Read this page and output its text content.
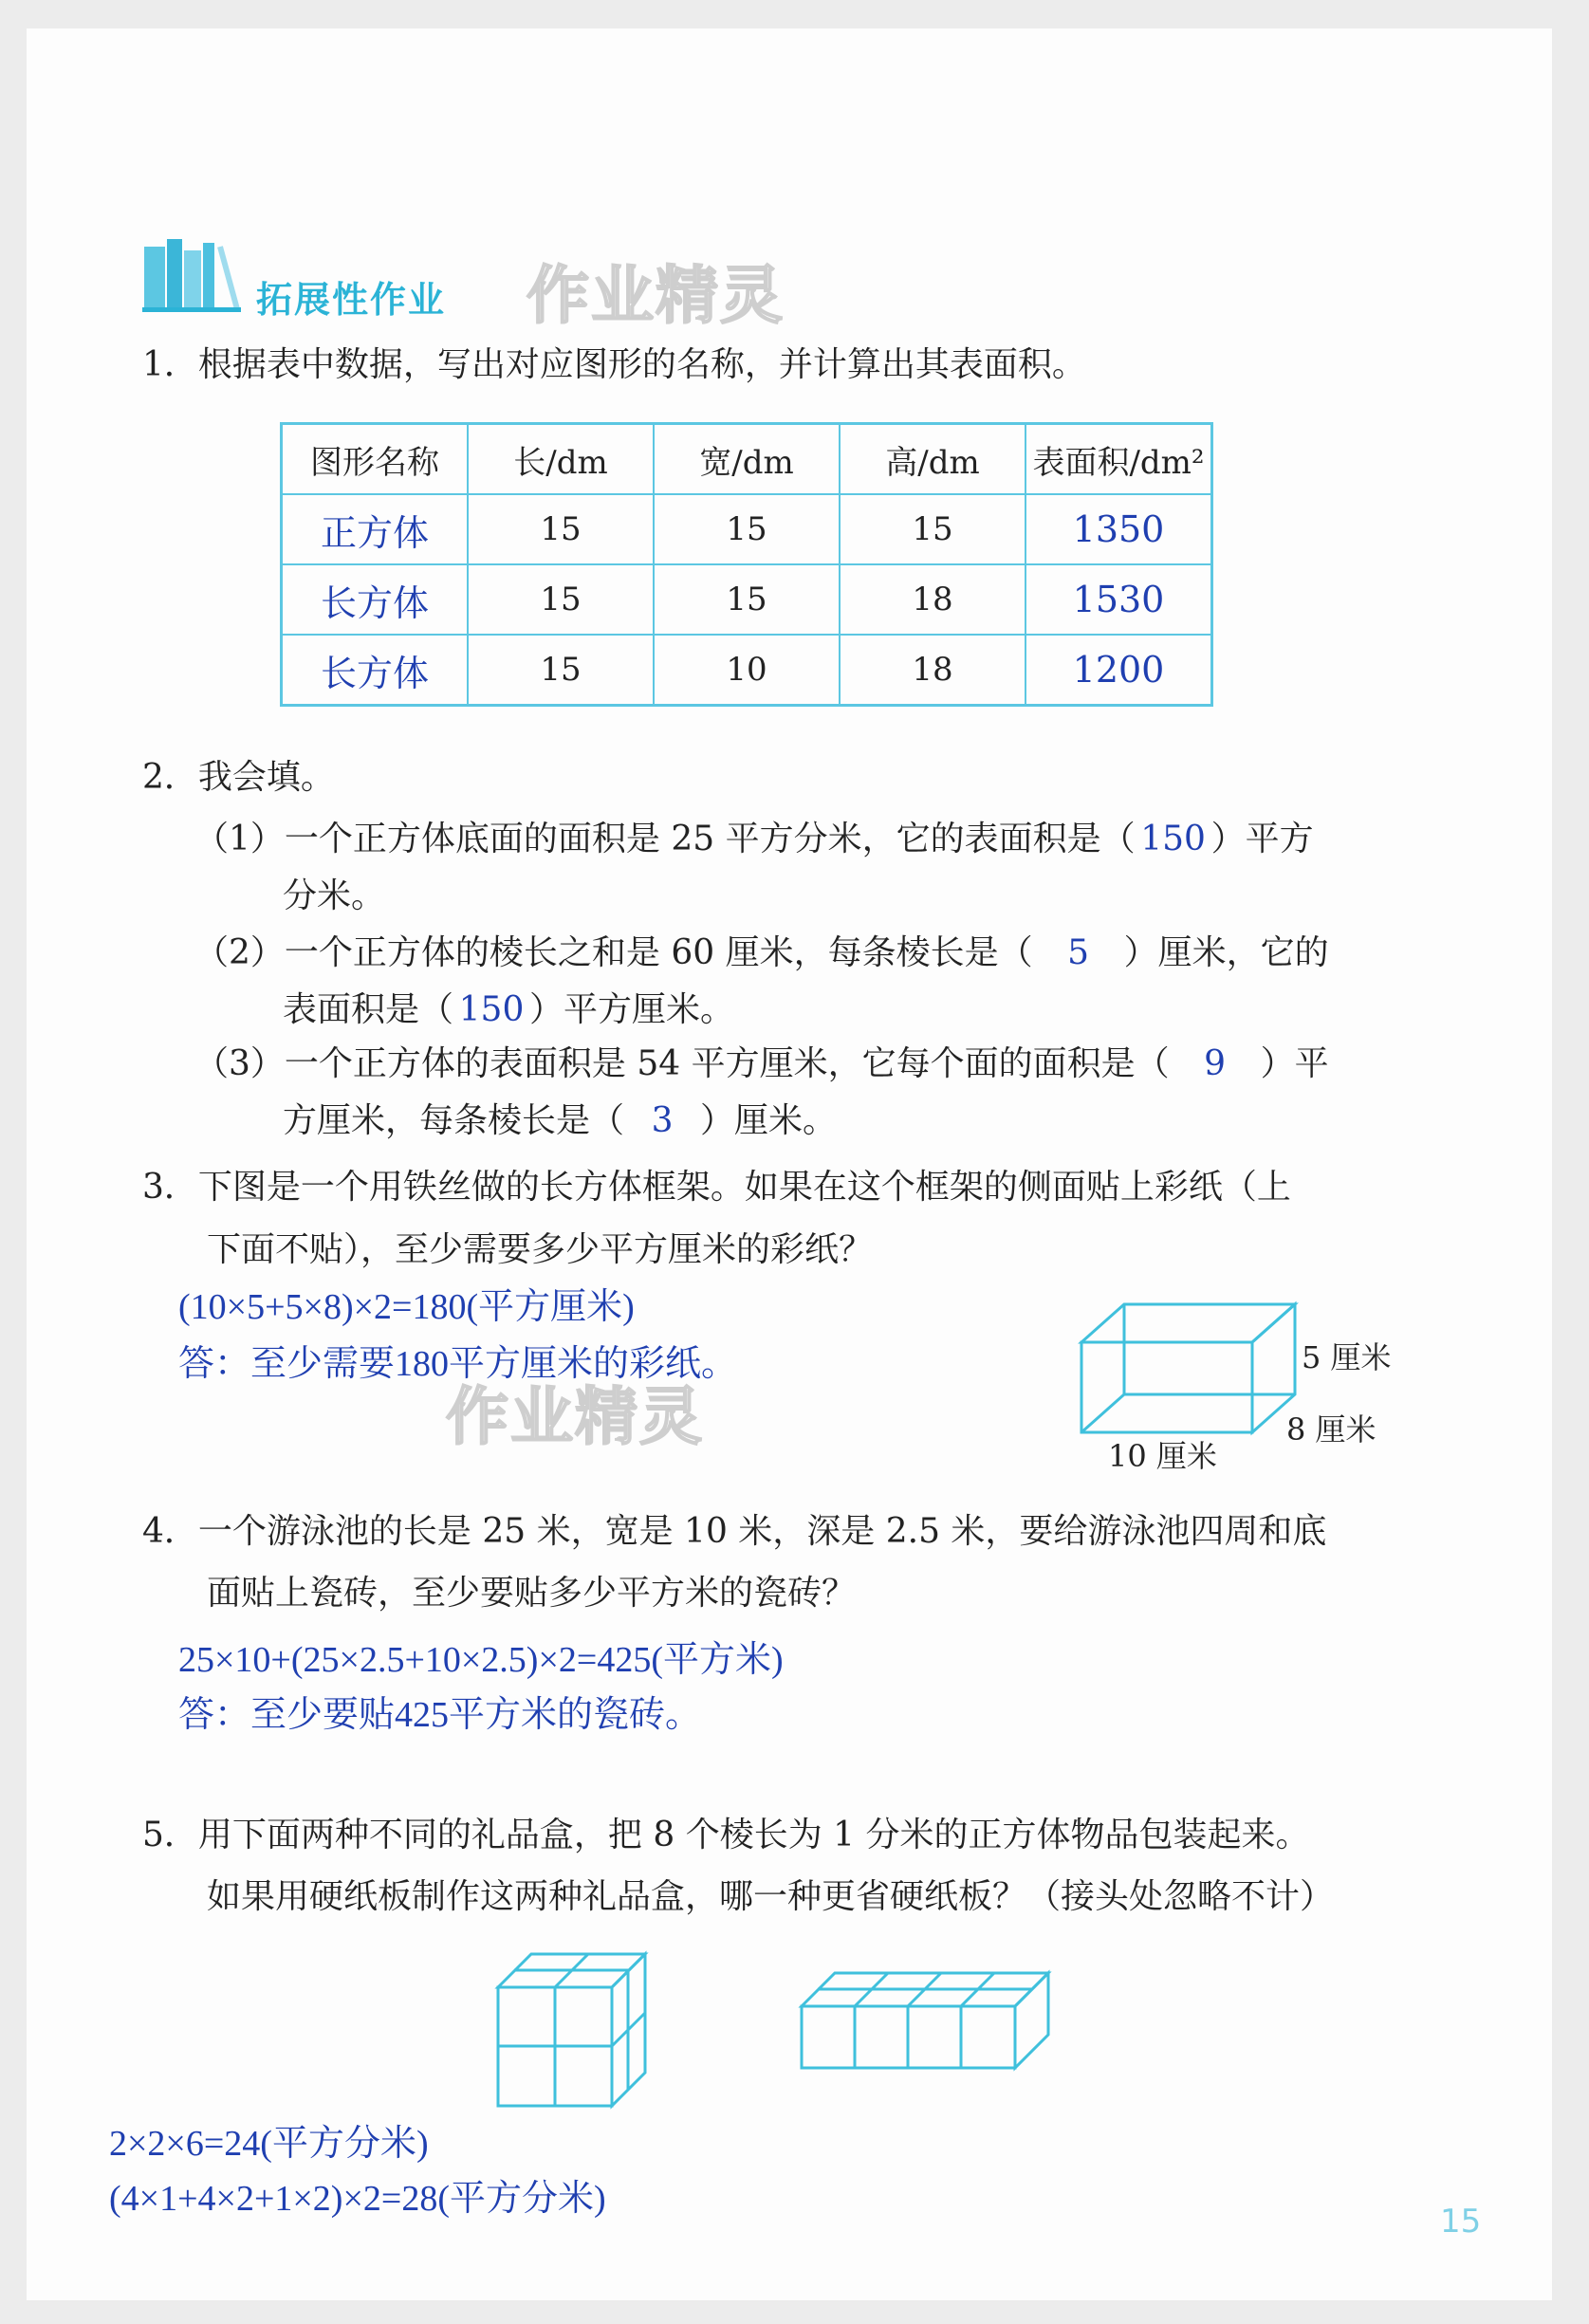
拓展性作业 作业精灵
1．根据表中数据，写出对应图形的名称，并计算出其表面积。
图形名称	长/dm	宽/dm	高/dm	表面积/dm²
正方体	15	15	15	1350
长方体	15	15	18	1530
长方体	15	10	18	1200
2．我会填。
（1）一个正方体底面的面积是 25 平方分米，它的表面积是（ 150 ）平方
分米。
（2）一个正方体的棱长之和是 60 厘米，每条棱长是（ 5 ）厘米，它的
表面积是（ 150 ）平方厘米。
（3）一个正方体的表面积是 54 平方厘米，它每个面的面积是（ 9 ）平
方厘米，每条棱长是（ 3 ）厘米。
3．下图是一个用铁丝做的长方体框架。如果在这个框架的侧面贴上彩纸（上
下面不贴），至少需要多少平方厘米的彩纸？
(10×5+5×8)×2=180(平方厘米)
答：至少需要180平方厘米的彩纸。
作业精灵
5 厘米
8 厘米
10 厘米
4．一个游泳池的长是 25 米，宽是 10 米，深是 2.5 米，要给游泳池四周和底
面贴上瓷砖，至少要贴多少平方米的瓷砖？
25×10+(25×2.5+10×2.5)×2=425(平方米)
答：至少要贴425平方米的瓷砖。
5．用下面两种不同的礼品盒，把 8 个棱长为 1 分米的正方体物品包装起来。
如果用硬纸板制作这两种礼品盒，哪一种更省硬纸板？（接头处忽略不计）
2×2×6=24(平方分米)
(4×1+4×2+1×2)×2=28(平方分米)
15
